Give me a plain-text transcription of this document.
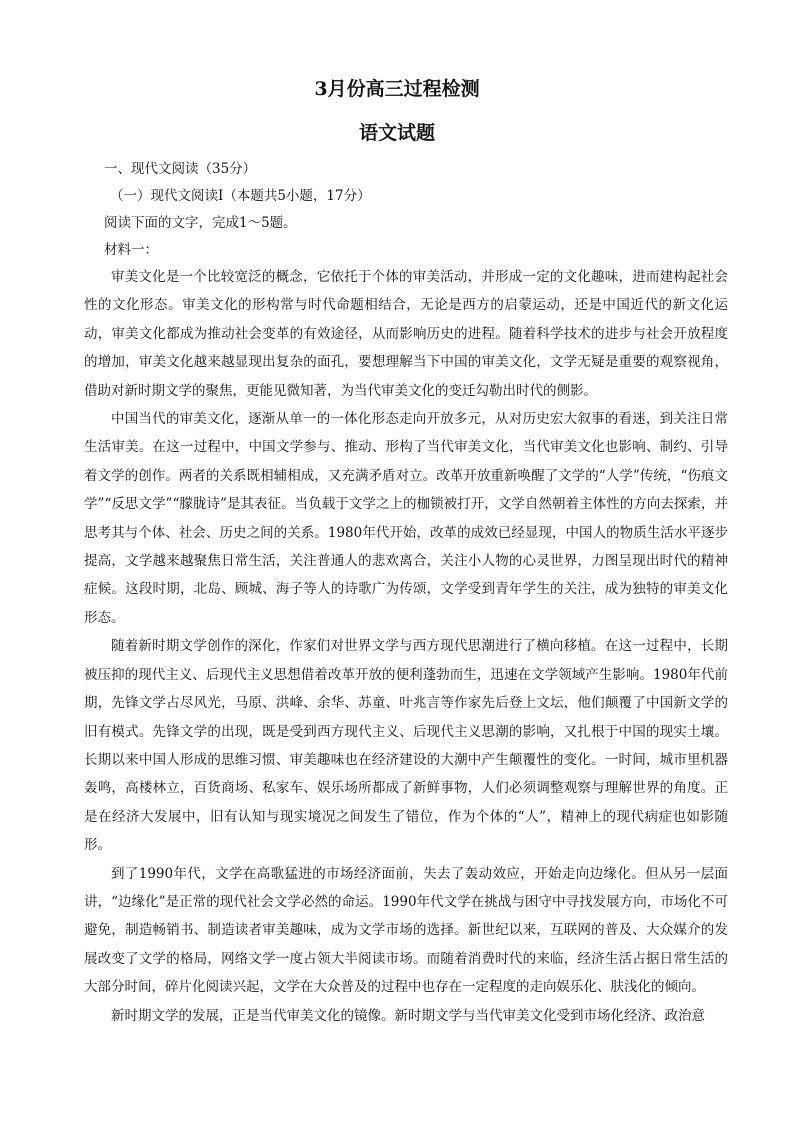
3月份高三过程检测
语文试题

一、现代文阅读（35分）

（一）现代文阅读Ⅰ（本题共5小题，17分）

阅读下面的文字，完成1～5题。

材料一：

审美文化是一个比较宽泛的概念，它依托于个体的审美活动，并形成一定的文化趣味，进而建构起社会性的文化形态。审美文化的形构常与时代命题相结合，无论是西方的启蒙运动，还是中国近代的新文化运动，审美文化都成为推动社会变革的有效途径，从而影响历史的进程。随着科学技术的进步与社会开放程度的增加，审美文化越来越显现出复杂的面孔，要想理解当下中国的审美文化，文学无疑是重要的观察视角，借助对新时期文学的聚焦，更能见微知著，为当代审美文化的变迁勾勒出时代的侧影。

中国当代的审美文化，逐渐从单一的一体化形态走向开放多元，从对历史宏大叙事的看迷，到关注日常生活审美。在这一过程中，中国文学参与、推动、形构了当代审美文化，当代审美文化也影响、制约、引导着文学的创作。两者的关系既相辅相成，又充满矛盾对立。改革开放重新唤醒了文学的“人学”传统，“伤痕文学”“反思文学”“朦胧诗”是其表征。当负载于文学之上的枷锁被打开，文学自然朝着主体性的方向去探索，并思考其与个体、社会、历史之间的关系。1980年代开始，改革的成效已经显现，中国人的物质生活水平逐步提高，文学越来越聚焦日常生活，关注普通人的悲欢离合，关注小人物的心灵世界，力图呈现出时代的精神症候。这段时期，北岛、顾城、海子等人的诗歌广为传颂，文学受到青年学生的关注，成为独特的审美文化形态。

随着新时期文学创作的深化，作家们对世界文学与西方现代思潮进行了横向移植。在这一过程中，长期被压抑的现代主义、后现代主义思想借着改革开放的便利蓬勃而生，迅速在文学领域产生影响。1980年代前期，先锋文学占尽风光，马原、洪峰、余华、苏童、叶兆言等作家先后登上文坛，他们颠覆了中国新文学的旧有模式。先锋文学的出现，既是受到西方现代主义、后现代主义思潮的影响，又扎根于中国的现实土壤。长期以来中国人形成的思维习惯、审美趣味也在经济建设的大潮中产生颠覆性的变化。一时间，城市里机器轰鸣，高楼林立，百货商场、私家车、娱乐场所都成了新鲜事物，人们必须调整观察与理解世界的角度。正是在经济大发展中，旧有认知与现实境况之间发生了错位，作为个体的“人”，精神上的现代病症也如影随形。

到了1990年代，文学在高歌猛进的市场经济面前，失去了轰动效应，开始走向边缘化。但从另一层面讲，“边缘化”是正常的现代社会文学必然的命运。1990年代文学在挑战与困守中寻找发展方向，市场化不可避免，制造畅销书、制造读者审美趣味，成为文学市场的选择。新世纪以来，互联网的普及、大众媒介的发展改变了文学的格局，网络文学一度占领大半阅读市场。而随着消费时代的来临，经济生活占据日常生活的大部分时间，碎片化阅读兴起，文学在大众普及的过程中也存在一定程度的走向娱乐化、肤浅化的倾向。

新时期文学的发展，正是当代审美文化的镜像。新时期文学与当代审美文化受到市场化经济、政治意
